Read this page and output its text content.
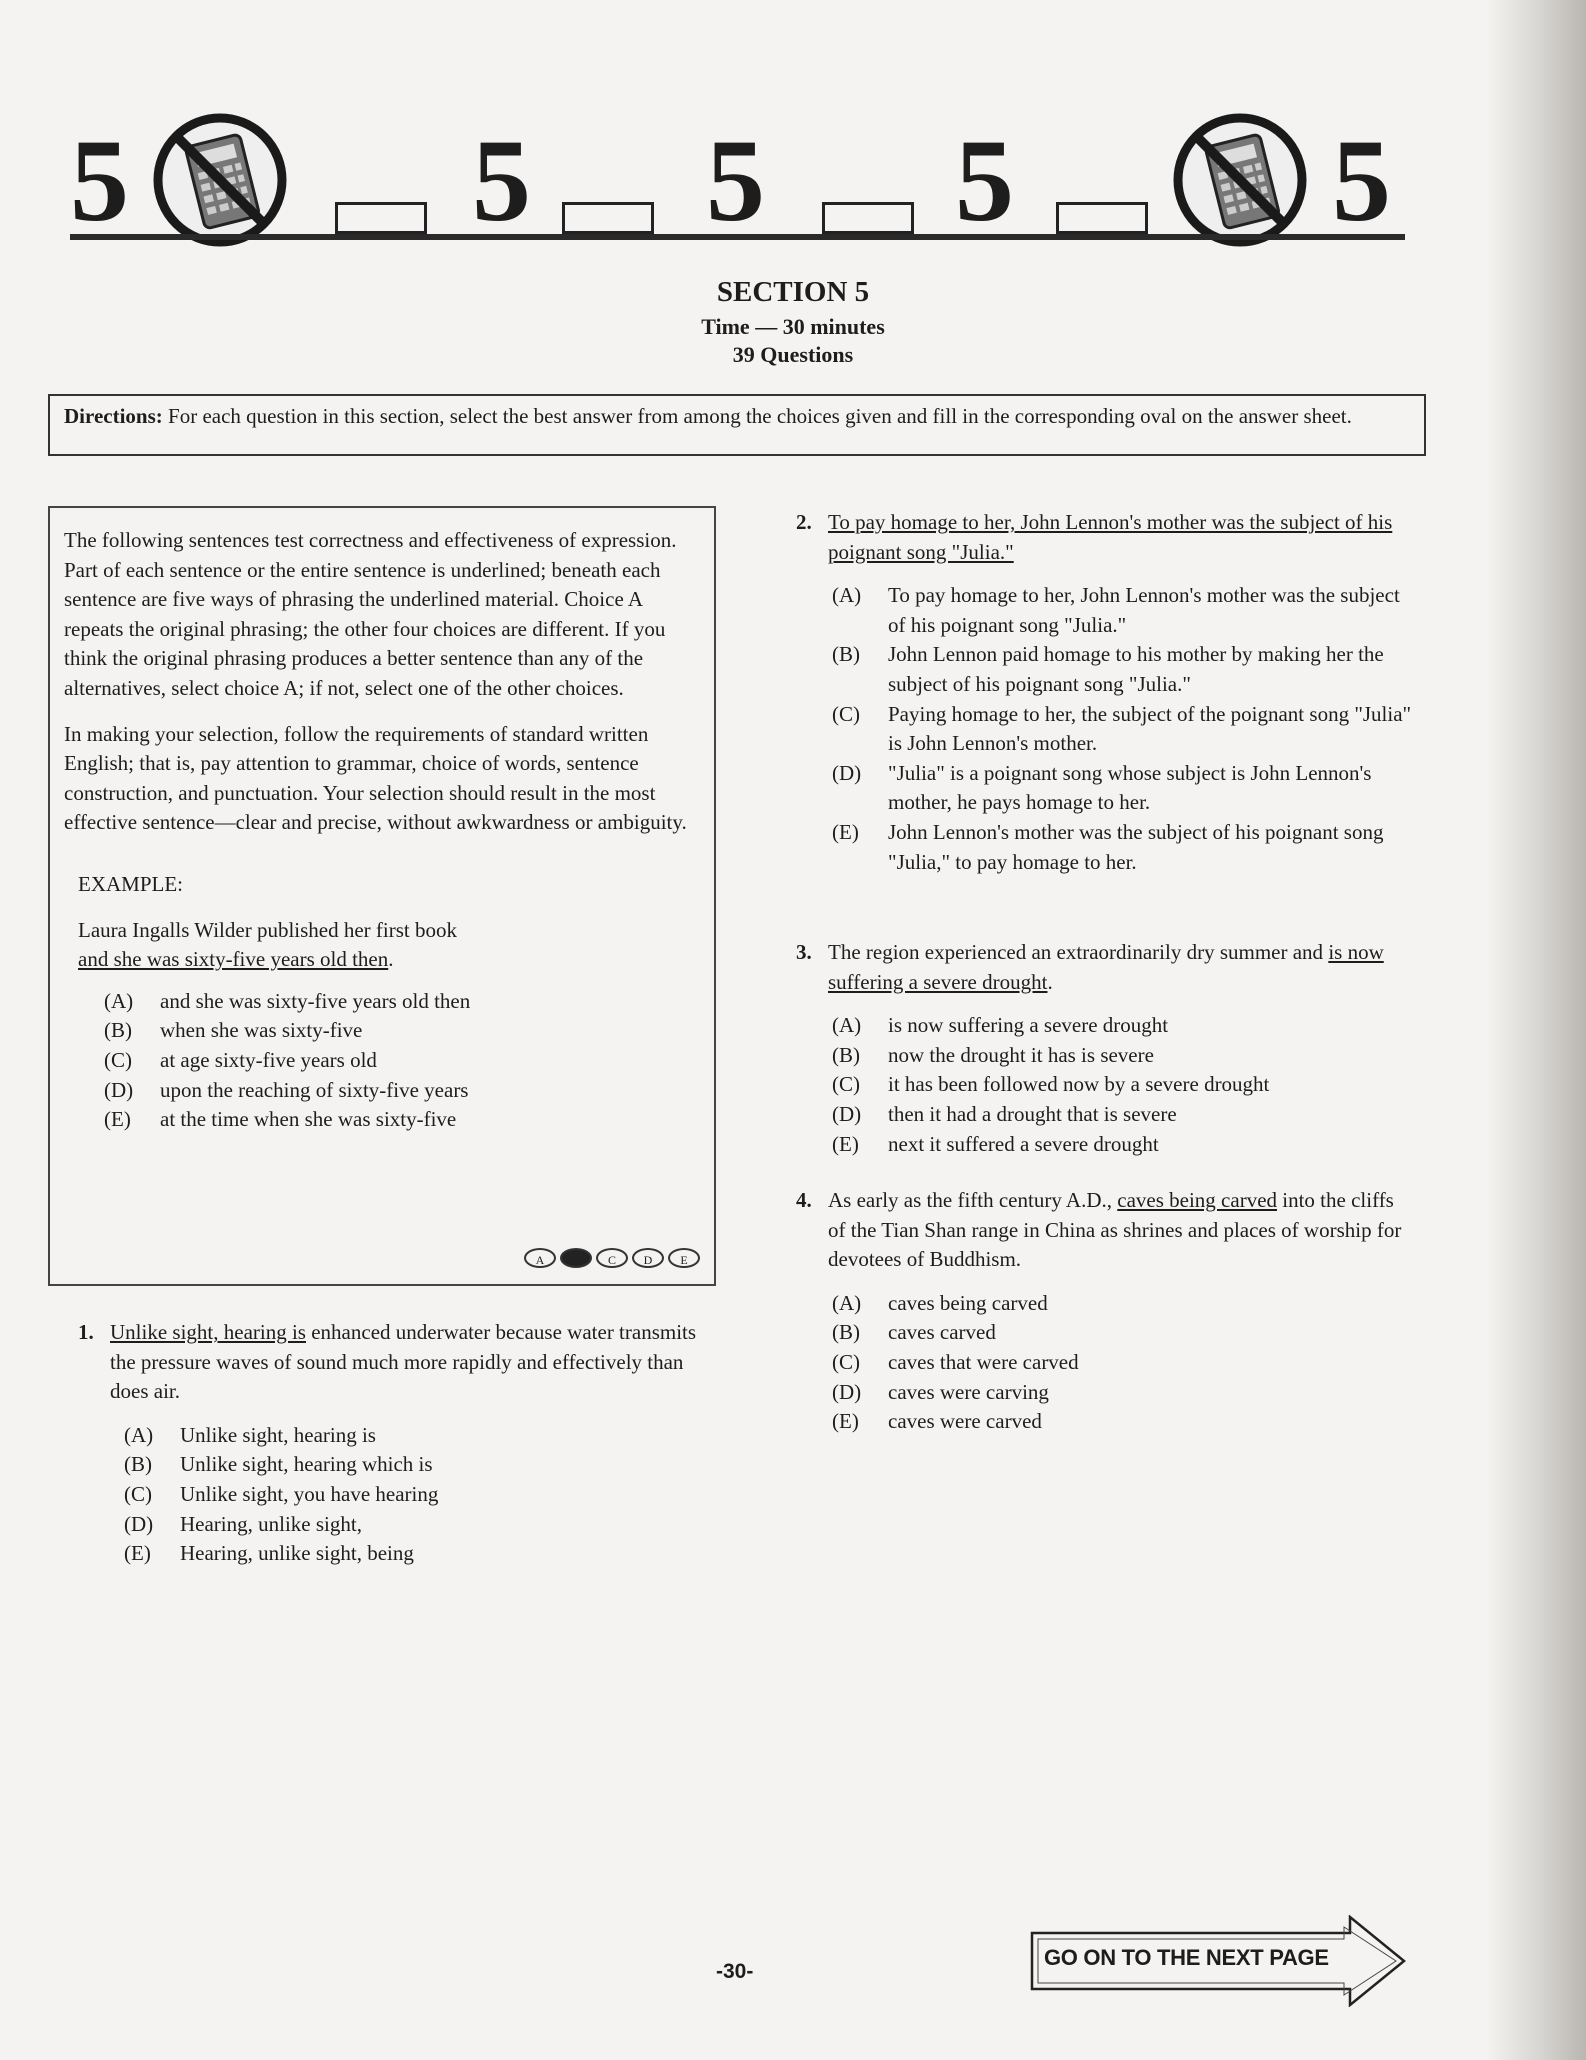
5	5 5 5	5
SECTION 5
Time — 30 minutes
39 Questions
Directions: For each question in this section, select the best answer from among the choices given and fill in the corresponding oval on the answer sheet.

The following sentences test correctness and effectiveness of expression. Part of each sentence or the entire sentence is underlined; beneath each sentence are five ways of phrasing the underlined material. Choice A repeats the original phrasing; the other four choices are different. If you think the original phrasing produces a better sentence than any of the alternatives, select choice A; if not, select one of the other choices.

In making your selection, follow the requirements of standard written English; that is, pay attention to grammar, choice of words, sentence construction, and punctuation. Your selection should result in the most effective sentence—clear and precise, without awkwardness or ambiguity.

EXAMPLE:
Laura Ingalls Wilder published her first book
and she was sixty-five years old then.
(A) and she was sixty-five years old then
(B) when she was sixty-five
(C) at age sixty-five years old
(D) upon the reaching of sixty-five years
(E) at the time when she was sixty-five
A	B	C	D	E
1. Unlike sight, hearing is enhanced underwater because water transmits the pressure waves of sound much more rapidly and effectively than does air.
(A) Unlike sight, hearing is
(B) Unlike sight, hearing which is
(C) Unlike sight, you have hearing
(D) Hearing, unlike sight,
(E) Hearing, unlike sight, being
2. To pay homage to her, John Lennon's mother was the subject of his poignant song "Julia."
(A) To pay homage to her, John Lennon's mother was the subject of his poignant song "Julia."
(B) John Lennon paid homage to his mother by making her the subject of his poignant song "Julia."
(C) Paying homage to her, the subject of the poignant song "Julia" is John Lennon's mother.
(D) "Julia" is a poignant song whose subject is John Lennon's mother, he pays homage to her.
(E) John Lennon's mother was the subject of his poignant song "Julia," to pay homage to her.
3. The region experienced an extraordinarily dry summer and is now suffering a severe drought.
(A) is now suffering a severe drought
(B) now the drought it has is severe
(C) it has been followed now by a severe drought
(D) then it had a drought that is severe
(E) next it suffered a severe drought
4. As early as the fifth century A.D., caves being carved into the cliffs of the Tian Shan range in China as shrines and places of worship for devotees of Buddhism.
(A) caves being carved
(B) caves carved
(C) caves that were carved
(D) caves were carving
(E) caves were carved
-30-
GO ON TO THE NEXT PAGE
